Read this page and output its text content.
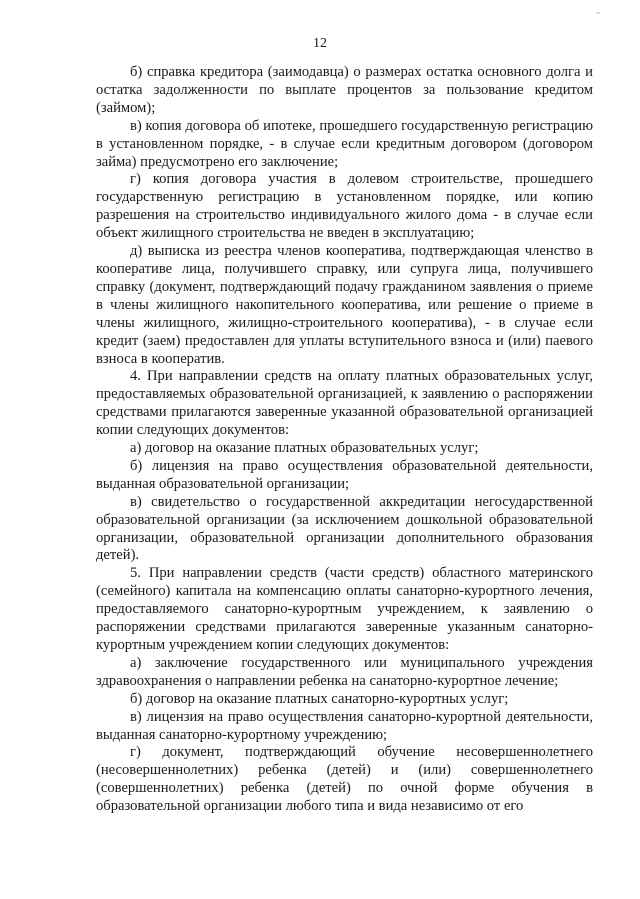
12

б) справка кредитора (заимодавца) о размерах остатка основного долга и остатка задолженности по выплате процентов за пользование кредитом (займом);

в) копия договора об ипотеке, прошедшего государственную регистрацию в установленном порядке, - в случае если кредитным договором (договором займа) предусмотрено его заключение;

г) копия договора участия в долевом строительстве, прошедшего государственную регистрацию в установленном порядке, или копию разрешения на строительство индивидуального жилого дома - в случае если объект жилищного строительства не введен в эксплуатацию;

д) выписка из реестра членов кооператива, подтверждающая членство в кооперативе лица, получившего справку, или супруга лица, получившего справку (документ, подтверждающий подачу гражданином заявления о приеме в члены жилищного накопительного кооператива, или решение о приеме в члены жилищного, жилищно-строительного кооператива), - в случае если кредит (заем) предоставлен для уплаты вступительного взноса и (или) паевого взноса в кооператив.

4. При направлении средств на оплату платных образовательных услуг, предоставляемых образовательной организацией, к заявлению о распоряжении средствами прилагаются заверенные указанной образовательной организацией копии следующих документов:

а) договор на оказание платных образовательных услуг;

б) лицензия на право осуществления образовательной деятельности, выданная образовательной организации;

в) свидетельство о государственной аккредитации негосударственной образовательной организации (за исключением дошкольной образовательной организации, образовательной организации дополнительного образования детей).

5. При направлении средств (части средств) областного материнского (семейного) капитала на компенсацию оплаты санаторно-курортного лечения, предоставляемого санаторно-курортным учреждением, к заявлению о распоряжении средствами прилагаются заверенные указанным санаторно-курортным учреждением копии следующих документов:

а) заключение государственного или муниципального учреждения здравоохранения о направлении ребенка на санаторно-курортное лечение;

б) договор на оказание платных санаторно-курортных услуг;

в) лицензия на право осуществления санаторно-курортной деятельности, выданная санаторно-курортному учреждению;

г) документ, подтверждающий обучение несовершеннолетнего (несовершеннолетних) ребенка (детей) и (или) совершеннолетнего (совершеннолетних) ребенка (детей) по очной форме обучения в образовательной организации любого типа и вида независимо от его
